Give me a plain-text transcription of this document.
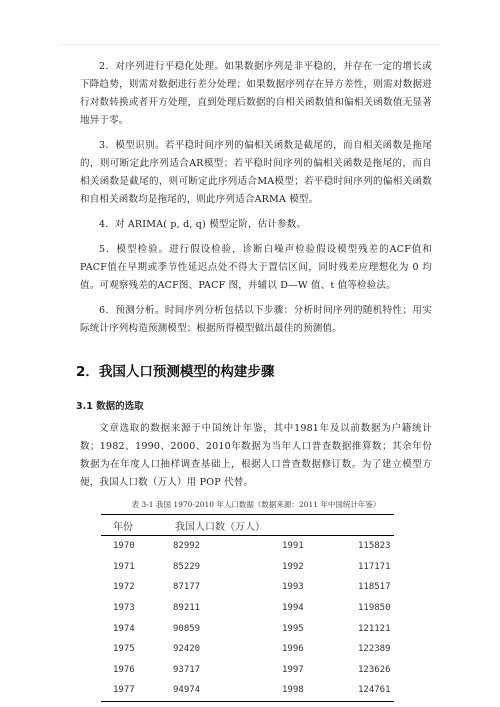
2．对序列进行平稳化处理。如果数据序列是非平稳的，并存在一定的增长或下降趋势，则需对数据进行差分处理；如果数据序列存在异方差性，则需对数据进行对数转换或者开方处理，直到处理后数据的自相关函数值和偏相关函数值无显著地异于零。

3．模型识别。若平稳时间序列的偏相关函数是截尾的，而自相关函数是拖尾的，则可断定此序列适合AR模型；若平稳时间序列的偏相关函数是拖尾的，而自相关函数是截尾的，则可断定此序列适合MA模型；若平稳时间序列的偏相关函数和自相关函数均是拖尾的，则此序列适合ARMA 模型。

4．对 ARIMA( p, d, q) 模型定阶，估计参数。

5．模型检验。进行假设检验，诊断白噪声检验假设模型残差的ACF值和PACF值在早期或季节性延迟点处不得大于置信区间，同时残差应理想化为 0 均值。可观察残差的ACF图、PACF 图，并辅以 D—W 值、t 值等检验法。

6．预测分析。时间序列分析包括以下步骤：分析时间序列的随机特性；用实际统计序列构造预测模型；根据所得模型做出最佳的预测值。

2．我国人口预测模型的构建步骤
3.1 数据的选取

文章选取的数据来源于中国统计年鉴，其中1981年及以前数据为户籍统计数；1982、1990、2000、2010年数据为当年人口普查数据推算数；其余年份数据为在年度人口抽样调查基础上，根据人口普查数据修订数。为了建立模型方便，我国人口数（万人）用 POP 代替。

表 3-1 我国 1970-2010 年人口数据（数据来源：2011 年中国统计年鉴）
年份	我国人口数（万人）		
1970	82992	1991	115823
1971	85229	1992	117171
1972	87177	1993	118517
1973	89211	1994	119850
1974	90859	1995	121121
1975	92420	1996	122389
1976	93717	1997	123626
1977	94974	1998	124761
